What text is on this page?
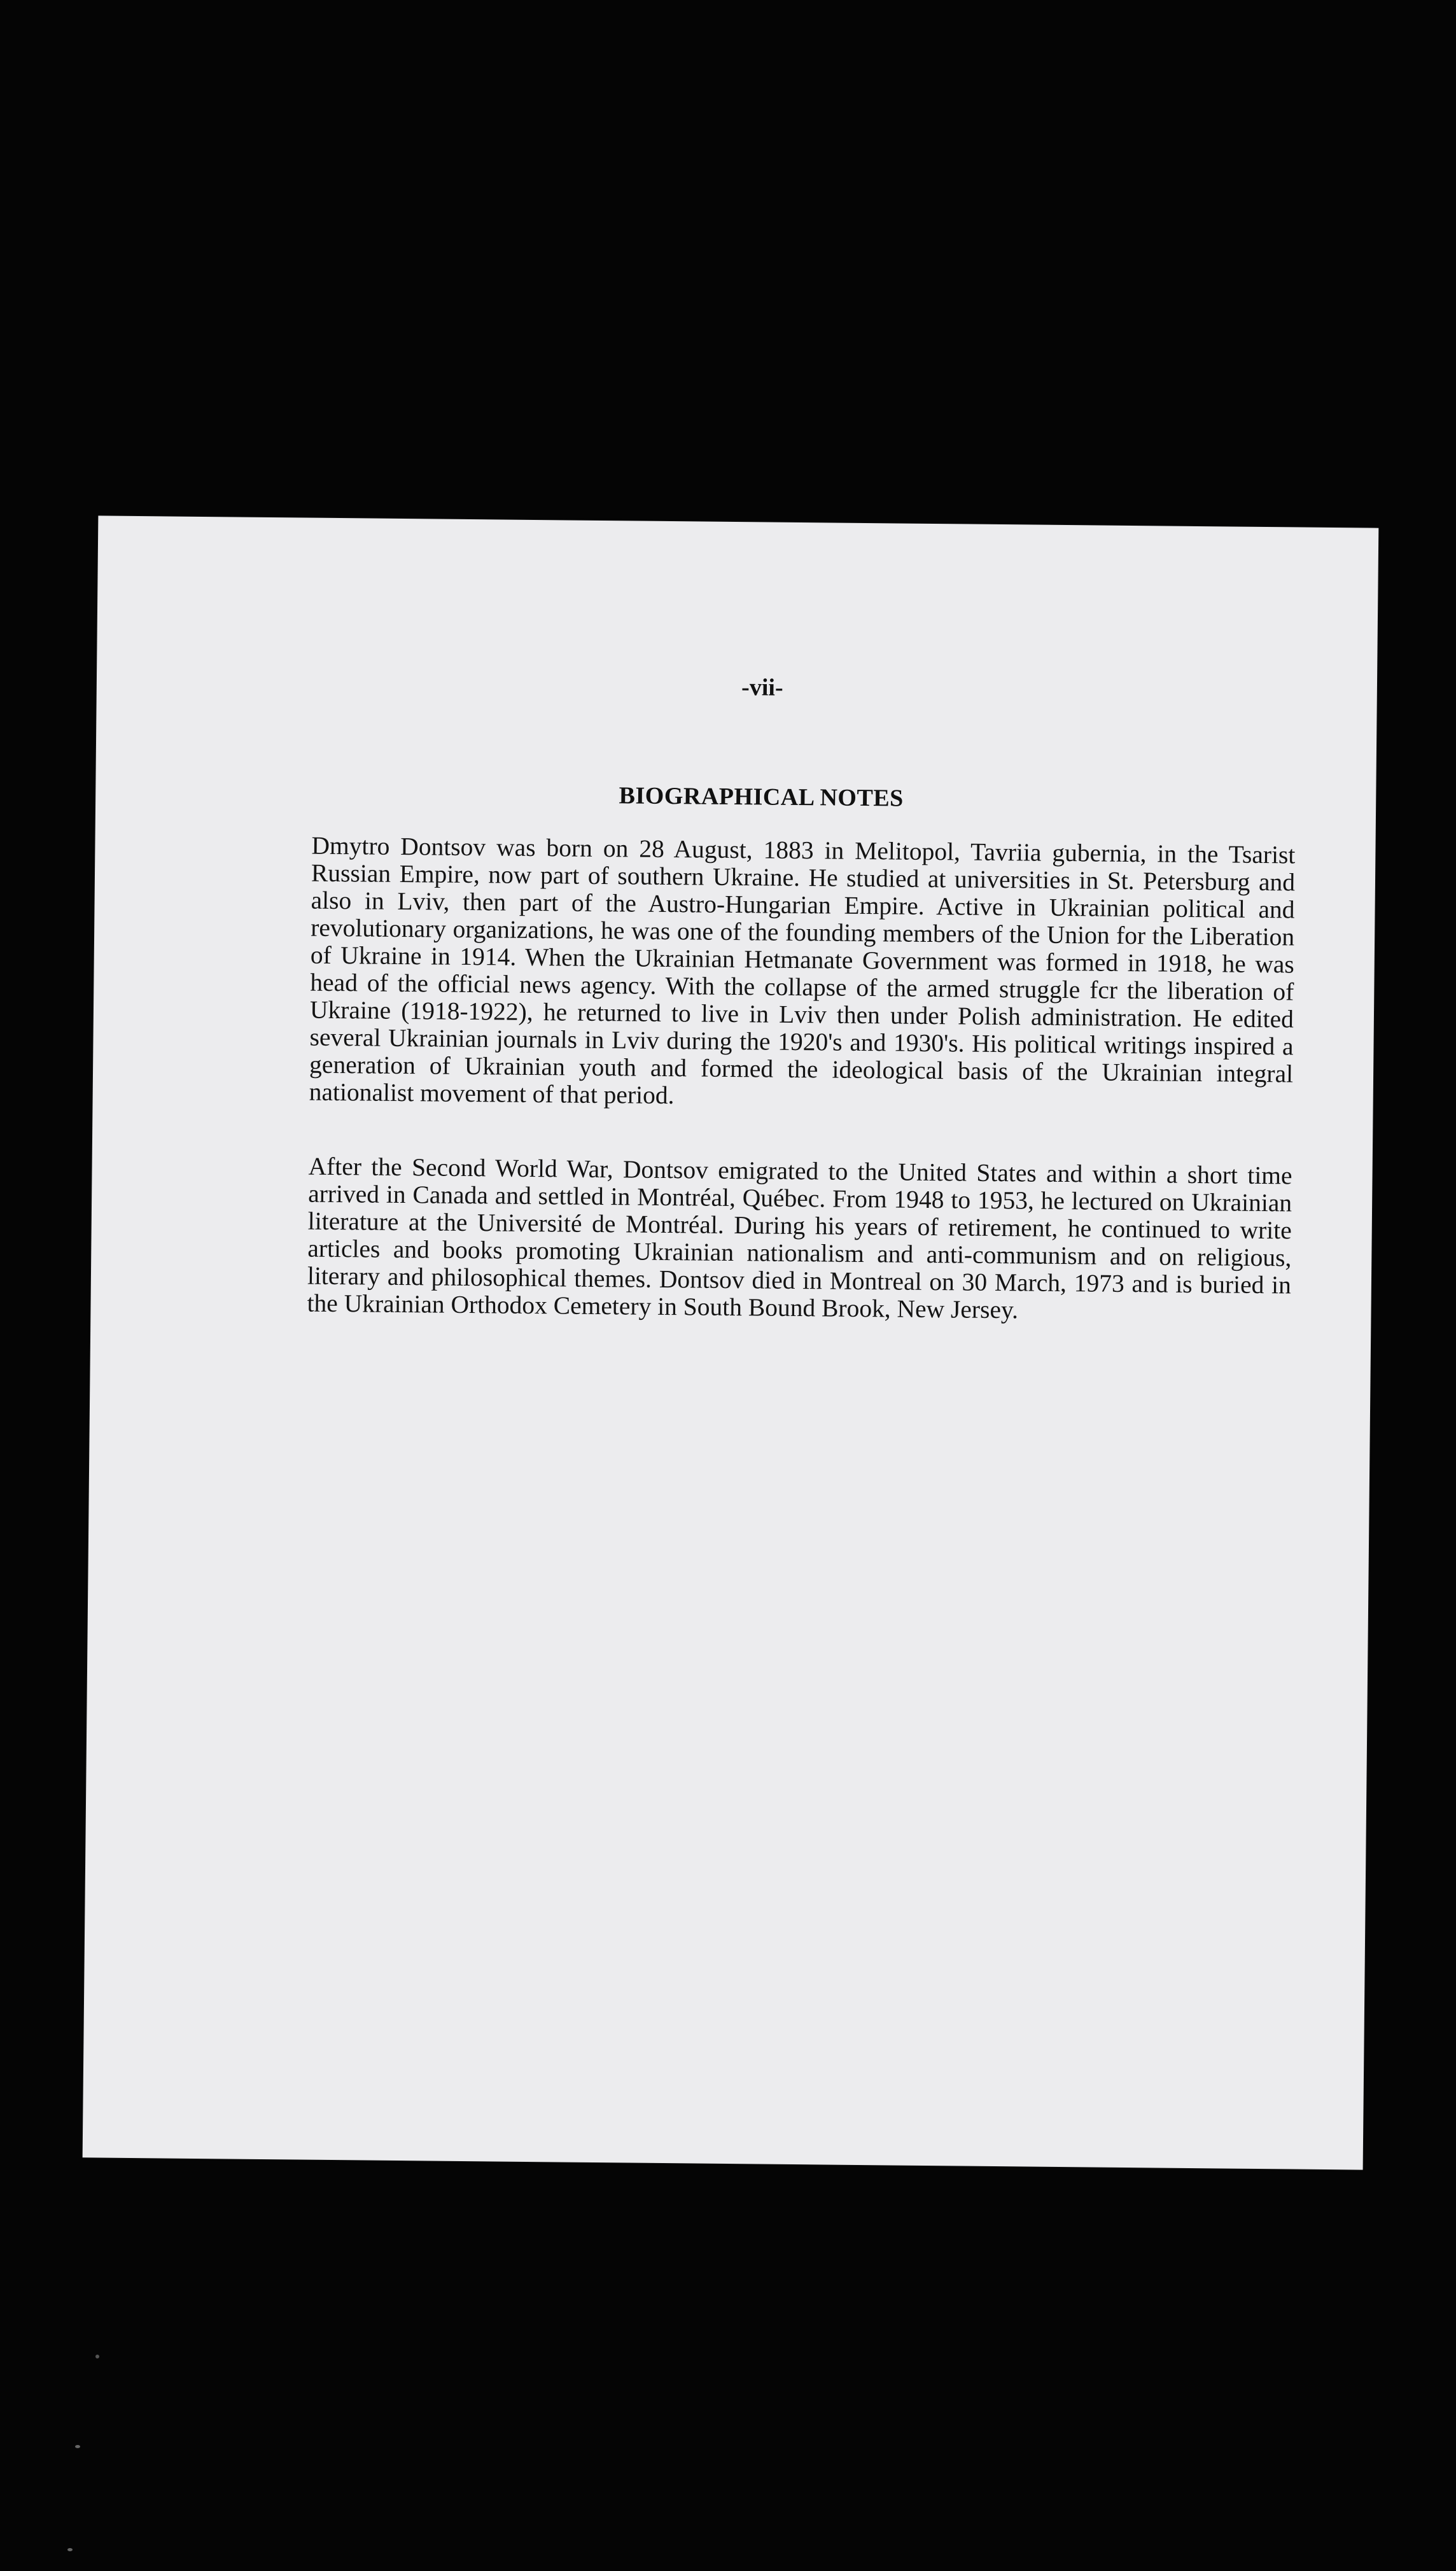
-vii-
BIOGRAPHICAL NOTES

Dmytro Dontsov was born on 28 August, 1883 in Melitopol, Tavriia gubernia, in the Tsarist Russian Empire, now part of southern Ukraine. He studied at universities in St. Petersburg and also in Lviv, then part of the Austro-Hungarian Empire. Active in Ukrainian political and revolutionary organizations, he was one of the founding members of the Union for the Liberation of Ukraine in 1914. When the Ukrainian Hetmanate Government was formed in 1918, he was head of the official news agency. With the collapse of the armed struggle fcr the liberation of Ukraine (1918-1922), he returned to live in Lviv then under Polish administration. He edited several Ukrainian journals in Lviv during the 1920's and 1930's. His political writings inspired a generation of Ukrainian youth and formed the ideological basis of the Ukrainian integral nationalist movement of that period.

After the Second World War, Dontsov emigrated to the United States and within a short time arrived in Canada and settled in Montréal, Québec. From 1948 to 1953, he lectured on Ukrainian literature at the Université de Montréal. During his years of retirement, he continued to write articles and books promoting Ukrainian nationalism and anti-communism and on religious, literary and philosophical themes. Dontsov died in Montreal on 30 March, 1973 and is buried in the Ukrainian Orthodox Cemetery in South Bound Brook, New Jersey.
